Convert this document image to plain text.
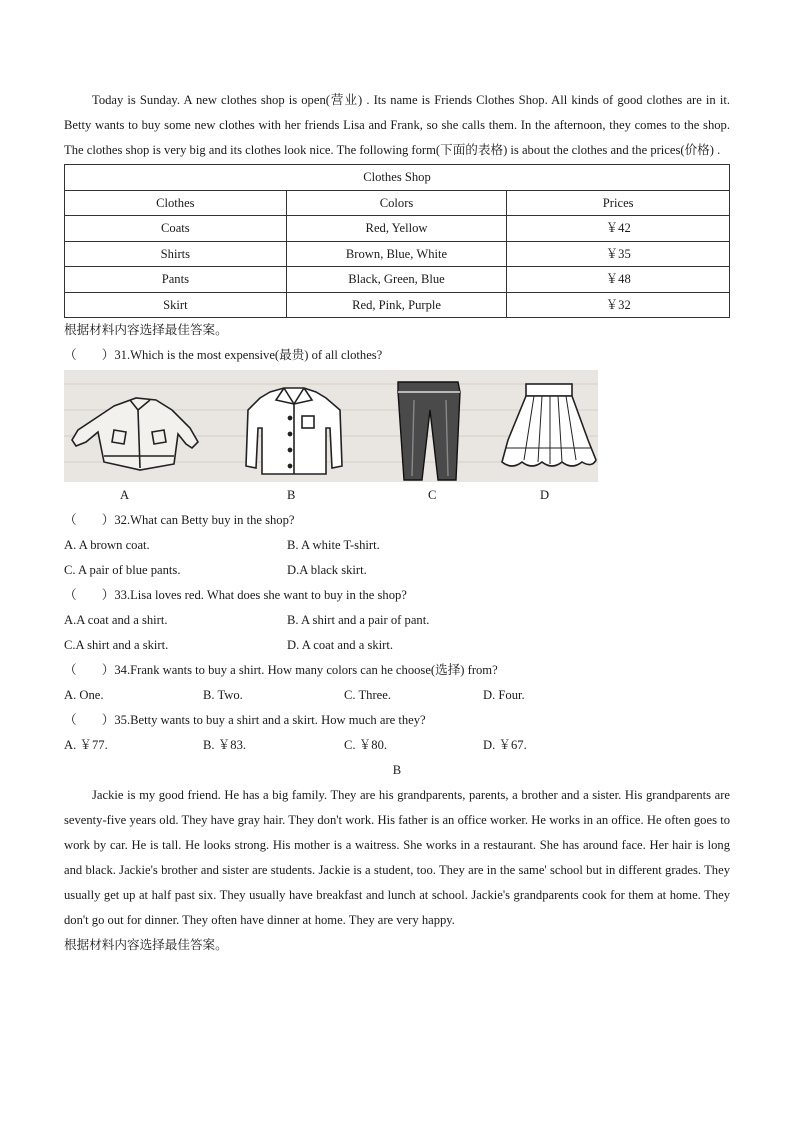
Today is Sunday. A new clothes shop is open(营业) . Its name is Friends Clothes Shop. All kinds of good clothes are in it. Betty wants to buy some new clothes with her friends Lisa and Frank, so she calls them. In the afternoon, they comes to the shop. The clothes shop is very big and its clothes look nice. The following form(下面的表格) is about the clothes and the prices(价格) .

Clothes Shop		
Clothes	Colors	Prices
Coats	Red, Yellow	￥42
Shirts	Brown, Blue, White	￥35
Pants	Black, Green, Blue	￥48
Skirt	Red, Pink, Purple	￥32
根据材料内容选择最佳答案。
（　　）31.Which is the most expensive(最贵) of all clothes?
A	B	C	D
（　　）32.What can Betty buy in the shop?
A. A brown coat.	B. A white T-shirt.
C. A pair of blue pants.	D.A black skirt.
（　　）33.Lisa loves red. What does she want to buy in the shop?
A.A coat and a shirt.	B. A shirt and a pair of pant.
C.A shirt and a skirt.	D. A coat and a skirt.
（　　）34.Frank wants to buy a shirt. How many colors can he choose(选择) from?
A. One.	B. Two.	C. Three.	D. Four.
（　　）35.Betty wants to buy a shirt and a skirt. How much are they?
A. ￥77.	B. ￥83.	C. ￥80.	D. ￥67.
B

Jackie is my good friend. He has a big family. They are his grandparents, parents, a brother and a sister. His grandparents are seventy-five years old. They have gray hair. They don't work. His father is an office worker. He works in an office. He often goes to work by car. He is tall. He looks strong. His mother is a waitress. She works in a restaurant. She has around face. Her hair is long and black. Jackie's brother and sister are students. Jackie is a student, too. They are in the same' school but in different grades. They usually get up at half past six. They usually have breakfast and lunch at school. Jackie's grandparents cook for them at home. They don't go out for dinner. They often have dinner at home. They are very happy.

根据材料内容选择最佳答案。
